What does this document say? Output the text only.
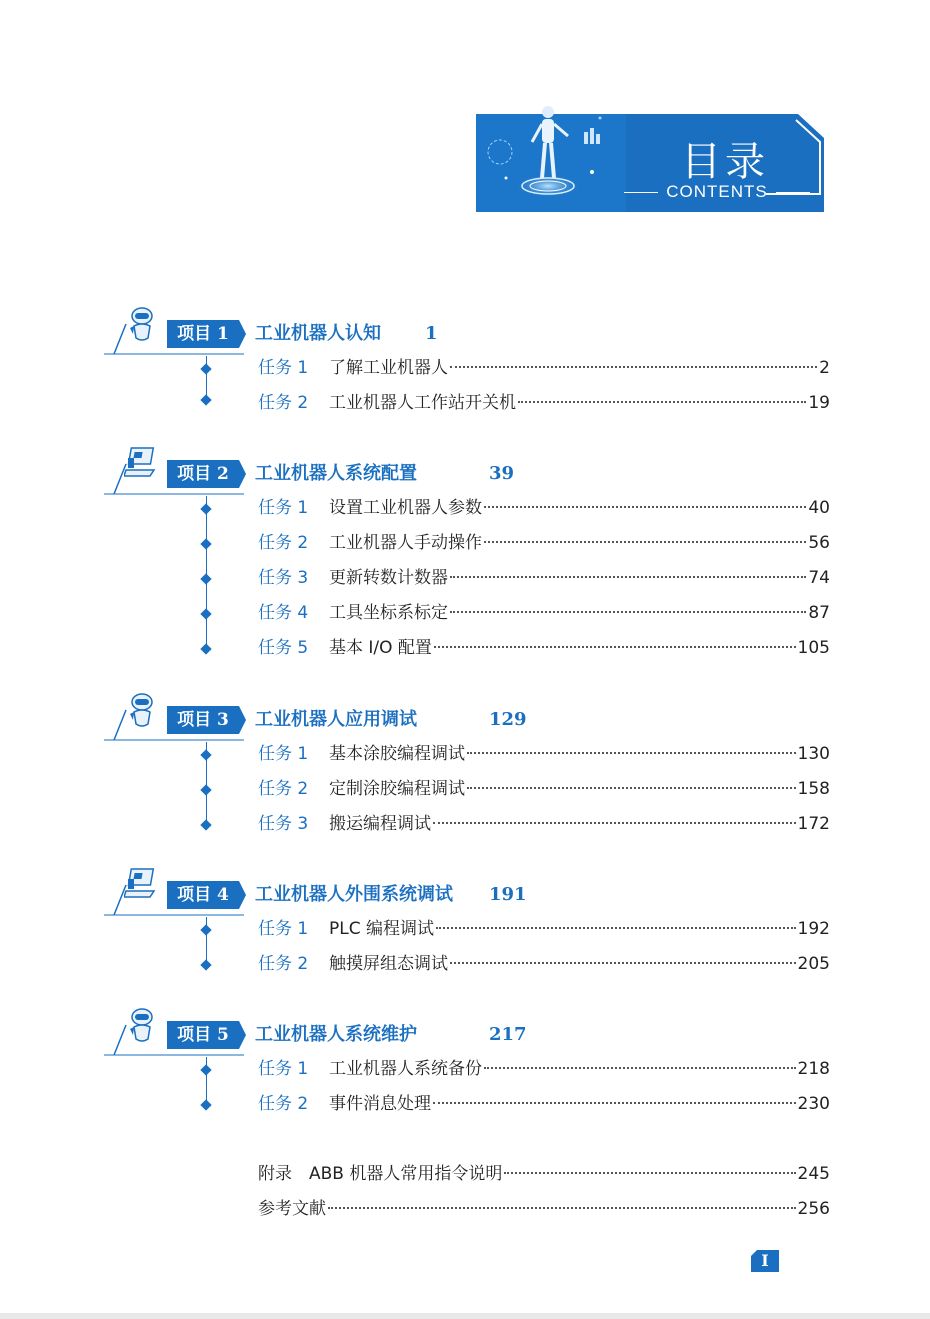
目录
CONTENTS
项目 1	工业机器人认知 1
任务 1 了解工业机器人	2
任务 2 工业机器人工作站开关机	19
项目 2	工业机器人系统配置	39
任务 1 设置工业机器人参数	40
任务 2 工业机器人手动操作	56
任务 3 更新转数计数器	74
任务 4 工具坐标系标定	87
任务 5 基本 I/O 配置	105
项目 3	工业机器人应用调试	129
任务 1 基本涂胶编程调试	130
任务 2 定制涂胶编程调试	158
任务 3 搬运编程调试	172
项目 4	工业机器人外围系统调试 191
任务 1 PLC 编程调试	192
任务 2 触摸屏组态调试	205
项目 5	工业机器人系统维护	217
任务 1 工业机器人系统备份	218
任务 2 事件消息处理	230
附录　ABB 机器人常用指令说明	245
参考文献	256
Ⅰ
